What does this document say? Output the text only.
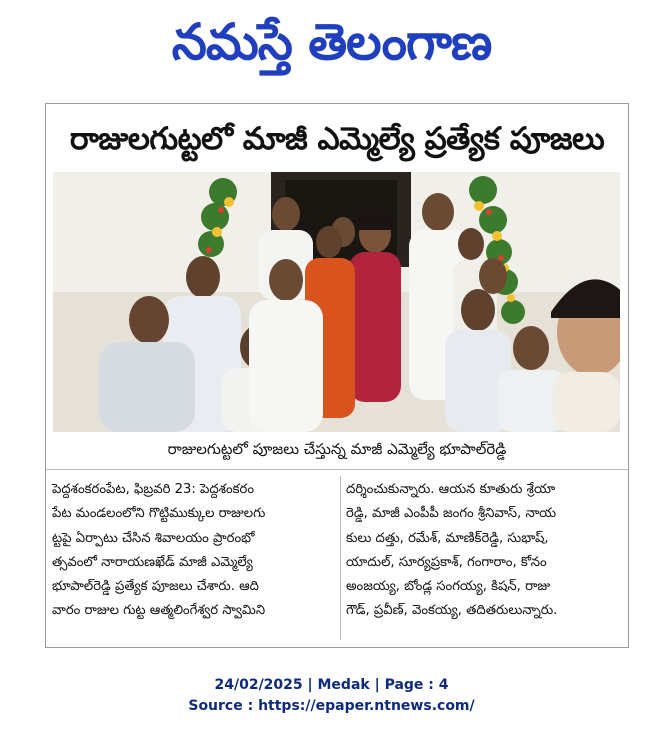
నమస్తే తెలంగాణ
రాజులగుట్టలో మాజీ ఎమ్మెల్యే ప్రత్యేక పూజలు
రాజులగుట్టలో పూజలు చేస్తున్న మాజీ ఎమ్మెల్యే భూపాల్‌రెడ్డి
పెద్దశంకరంపేట, ఫిబ్రవరి 23: పెద్దశంకరం
పేట మండలంలోని గొట్టిముక్కుల రాజులగు
ట్టపై ఏర్పాటు చేసిన శివాలయం ప్రారంభో
త్సవంలో నారాయణఖేడ్ మాజీ ఎమ్మెల్యే
భూపాల్‌రెడ్డి ప్రత్యేక పూజలు చేశారు. ఆది
వారం రాజుల గుట్ట ఆత్మలింగేశ్వర స్వామిని
దర్శించుకున్నారు. ఆయన కూతురు శ్రేయా
రెడ్డి, మాజీ ఎంపీపీ జంగం శ్రీనివాస్, నాయ
కులు దత్తు, రమేశ్, మాణిక్‌రెడ్డి, సుభాష్,
యాదుల్, సూర్యప్రకాశ్, గంగారాం, కోనం
అంజయ్య, బోండ్ల సంగయ్య, కిషన్, రాజు
గౌడ్, ప్రవీణ్, వెంకయ్య, తదితరులున్నారు.
24/02/2025 | Medak | Page : 4
Source : https://epaper.ntnews.com/
